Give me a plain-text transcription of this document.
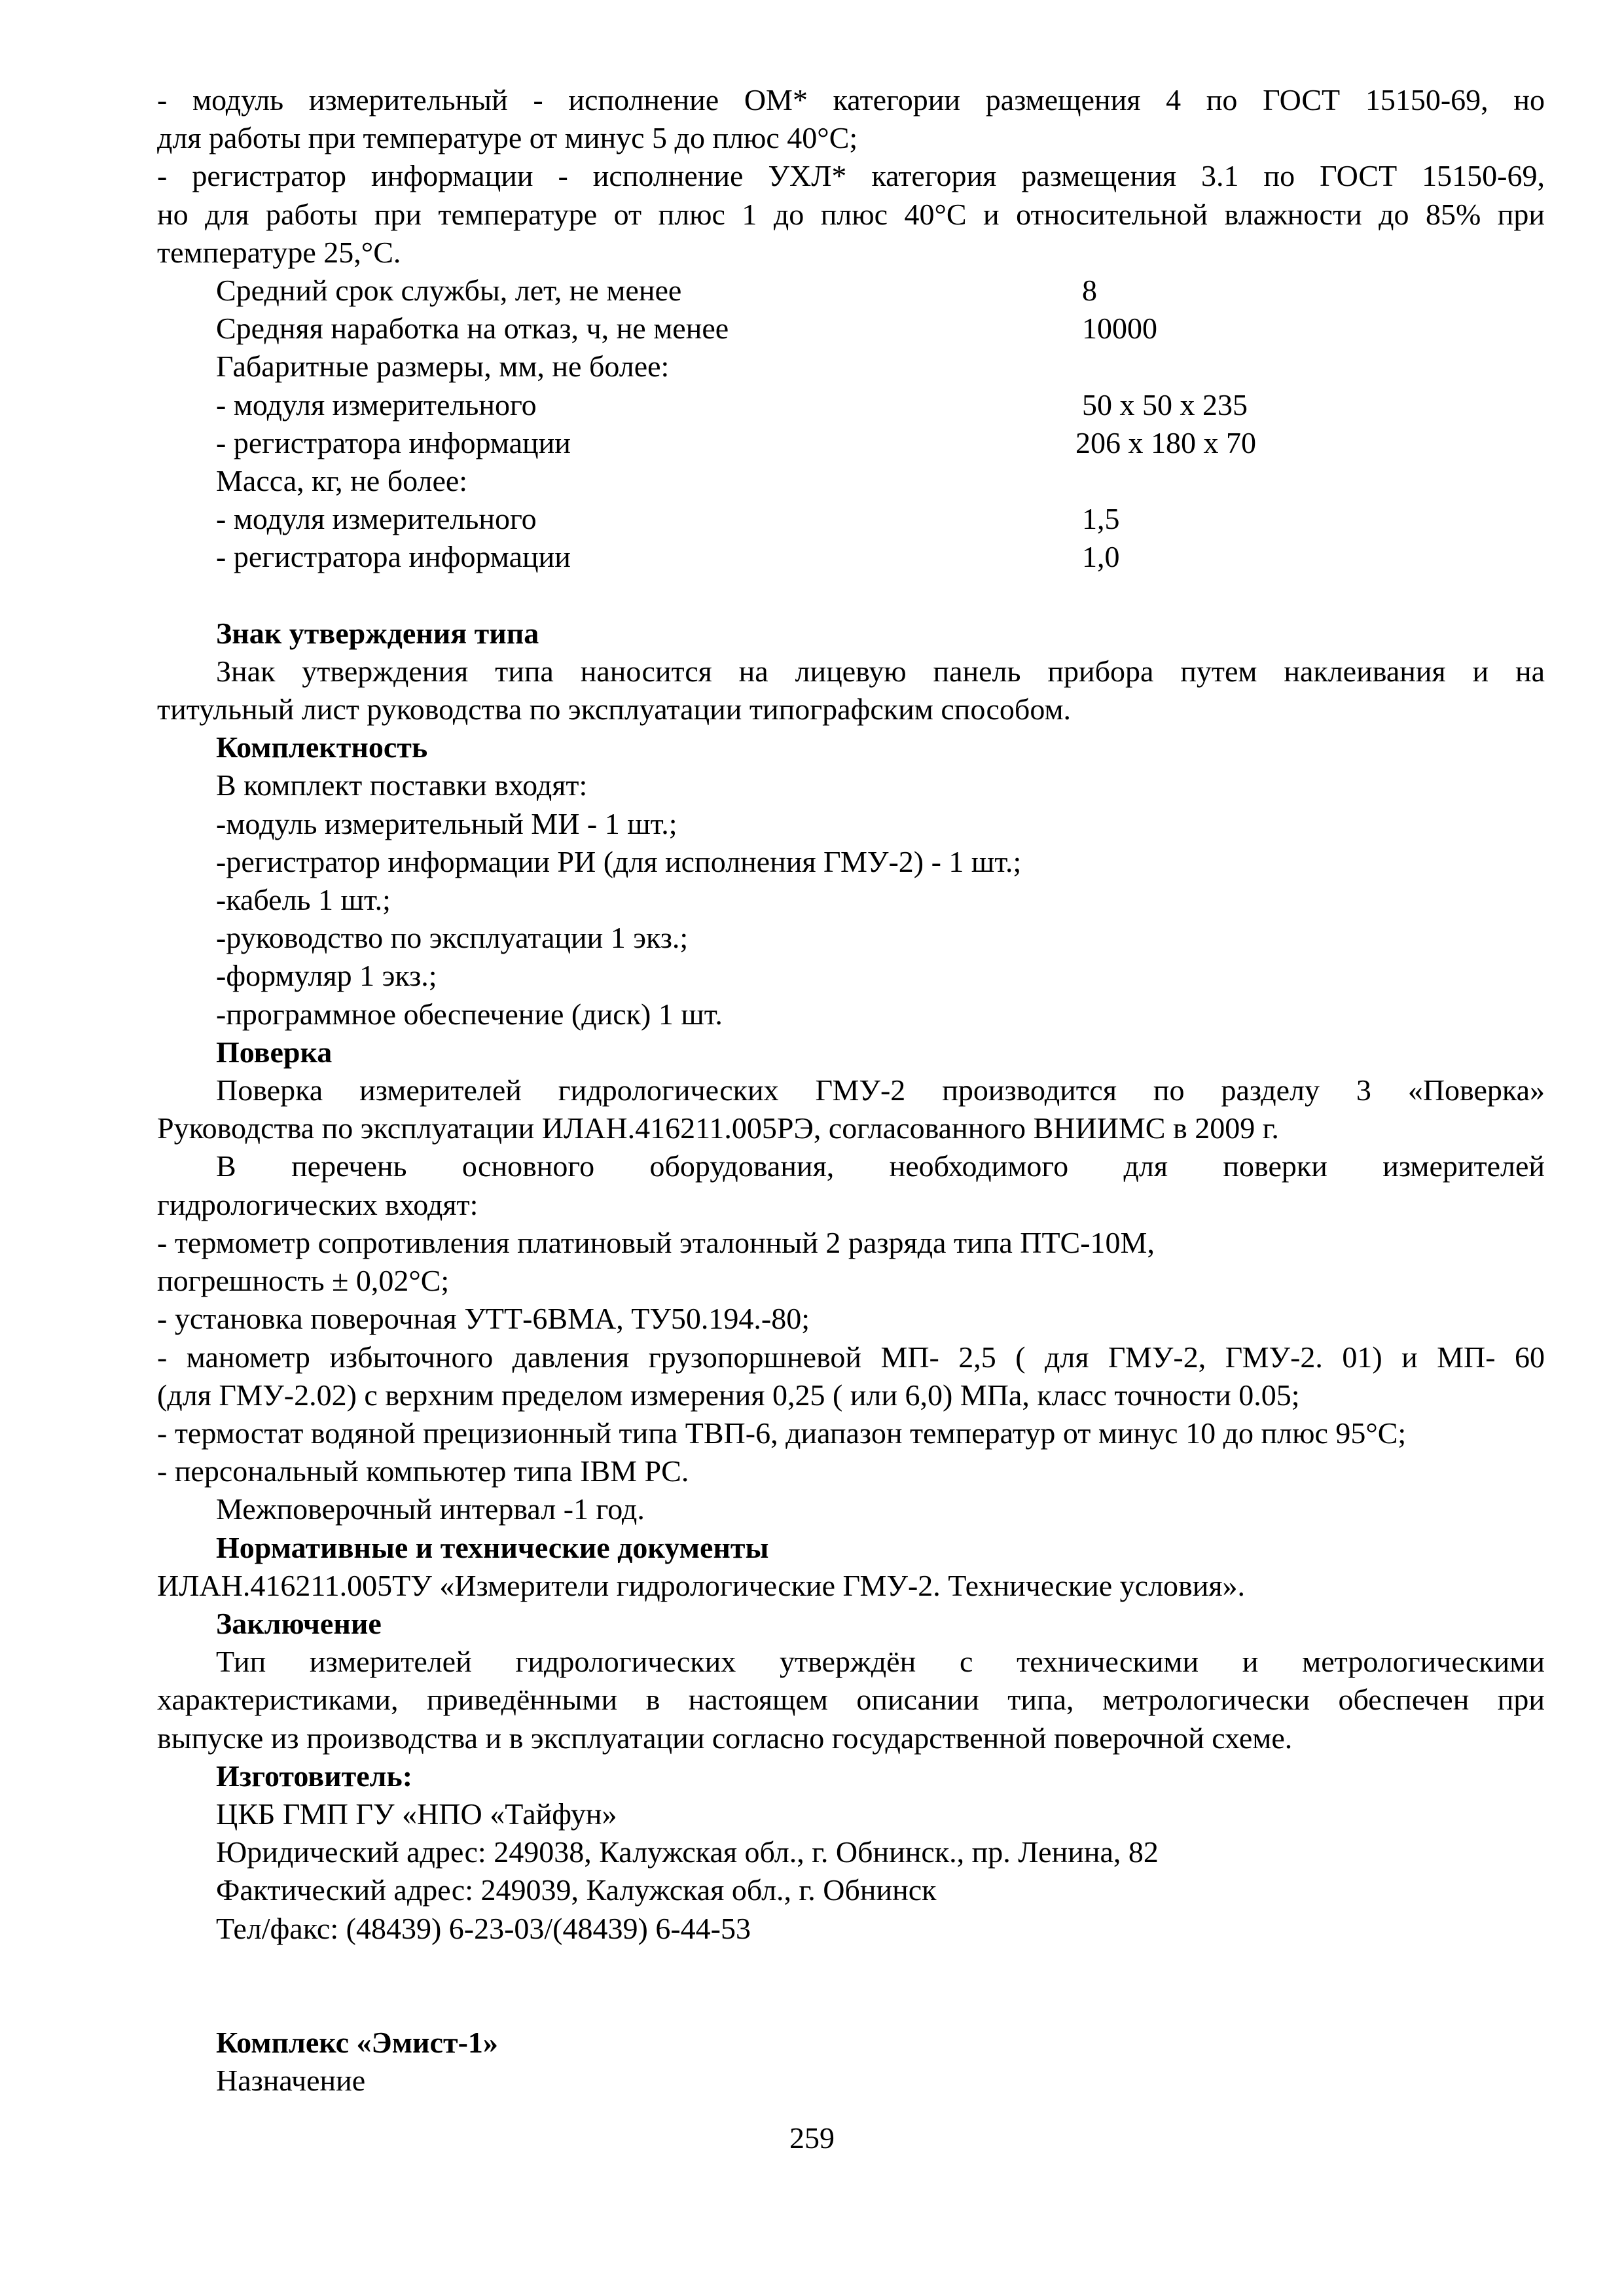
- модуль измерительный - исполнение ОМ* категории размещения 4 по ГОСТ 15150-69, но

для работы при температуре от минус 5 до плюс 40°С;

- регистратор информации - исполнение УХЛ* категория размещения 3.1 по ГОСТ 15150-69,

но для работы при температуре от плюс 1 до плюс 40°С и относительной влажности до 85% при

температуре 25,°С.

Средний срок службы, лет, не менее	8
Средняя наработка на отказ, ч, не менее	10000
Габаритные размеры, мм, не более:
- модуля измерительного	50 х 50 х 235
- регистратора информации	206 х 180 х 70
Масса, кг, не более:
- модуля измерительного	1,5
- регистратора информации	1,0

Знак утверждения типа

Знак утверждения типа наносится на лицевую панель прибора путем наклеивания и на

титульный лист руководства по эксплуатации типографским способом.

Комплектность

В комплект поставки входят:

-модуль измерительный МИ - 1 шт.;

-регистратор информации РИ (для исполнения ГМУ-2) - 1 шт.;

-кабель 1 шт.;

-руководство по эксплуатации 1 экз.;

-формуляр 1 экз.;

-программное обеспечение (диск) 1 шт.

Поверка

Поверка измерителей гидрологических ГМУ-2 производится по разделу 3 «Поверка»

Руководства по эксплуатации ИЛАН.416211.005РЭ, согласованного ВНИИМС в 2009 г.

В перечень основного оборудования, необходимого для поверки измерителей

гидрологических входят:

- термометр сопротивления платиновый эталонный 2 разряда типа ПТС-10М,

погрешность ± 0,02°С;

- установка поверочная УТТ-6ВМА, ТУ50.194.-80;

- манометр избыточного давления грузопоршневой МП- 2,5 ( для ГМУ-2, ГМУ-2. 01) и МП- 60

(для ГМУ-2.02) с верхним пределом измерения 0,25 ( или 6,0) МПа, класс точности 0.05;

- термостат водяной прецизионный типа ТВП-6, диапазон температур от минус 10 до плюс 95°С;

- персональный компьютер типа IBM PC.

Межповерочный интервал -1 год.

Нормативные и технические документы

ИЛАН.416211.005ТУ «Измерители гидрологические ГМУ-2. Технические условия».

Заключение

Тип измерителей гидрологических утверждён с техническими и метрологическими

характеристиками, приведёнными в настоящем описании типа, метрологически обеспечен при

выпуске из производства и в эксплуатации согласно государственной поверочной схеме.

Изготовитель:

ЦКБ ГМП ГУ «НПО «Тайфун»

Юридический адрес: 249038, Калужская обл., г. Обнинск., пр. Ленина, 82

Фактический адрес: 249039, Калужская обл., г. Обнинск

Тел/факс: (48439) 6-23-03/(48439) 6-44-53

Комплекс «Эмист-1»

Назначение

259
